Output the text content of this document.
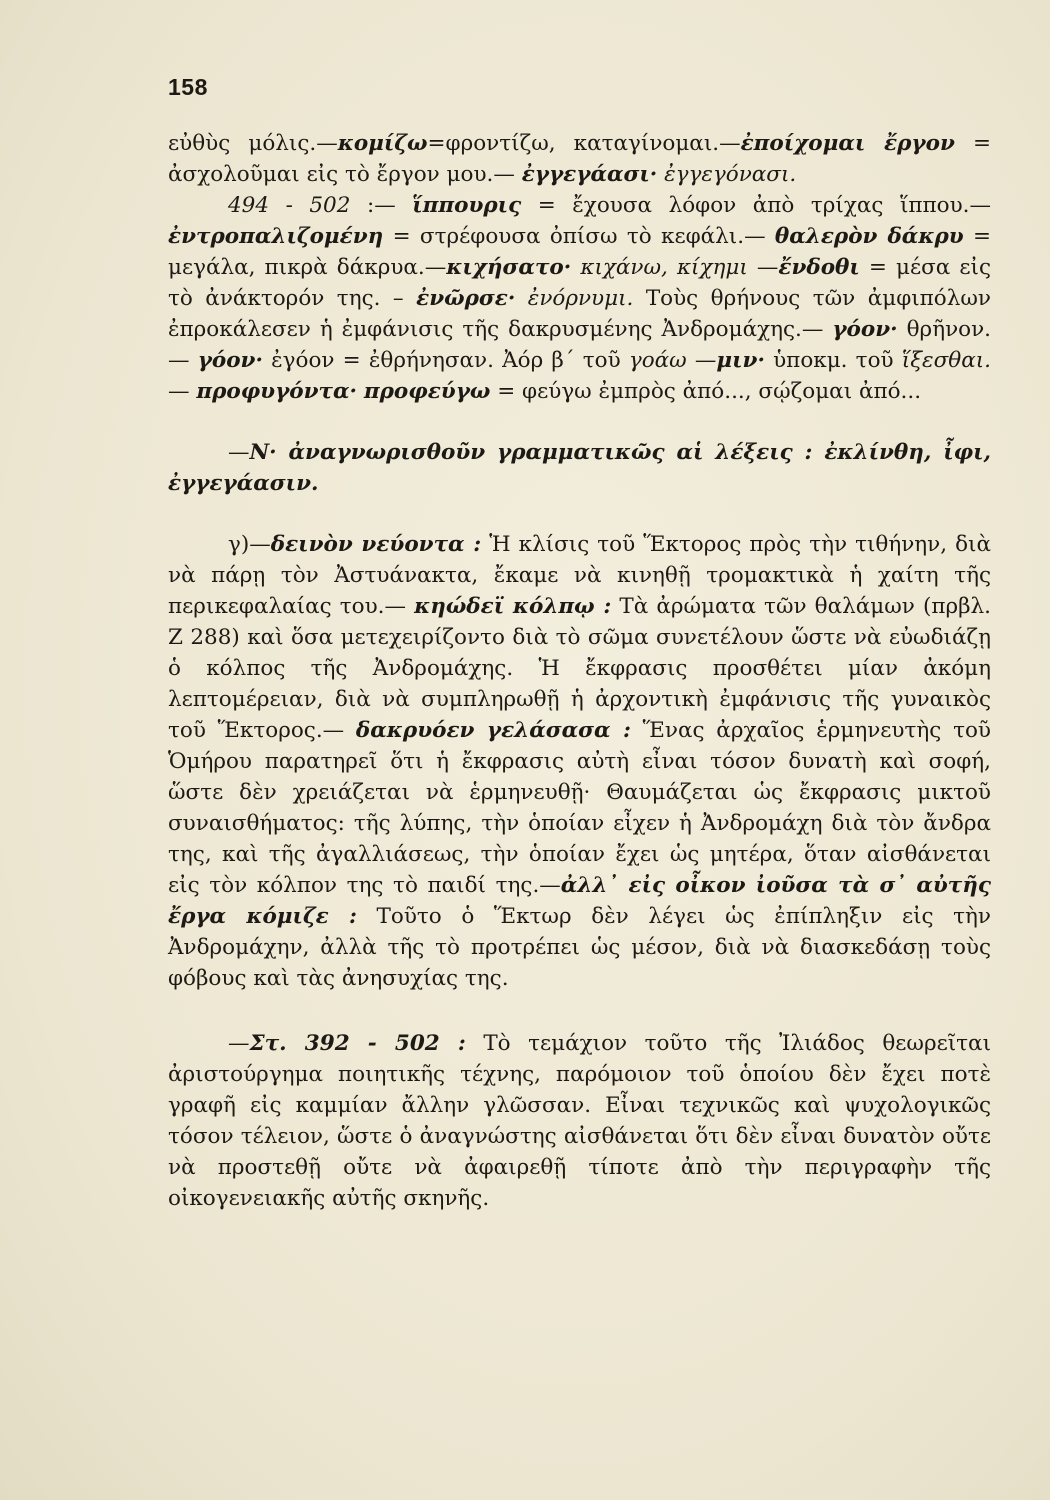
158

εὐθὺς μόλις.—κομίζω=φροντίζω, καταγίνομαι.—ἐποίχομαι ἔργον = ἀσχολοῦμαι εἰς τὸ ἔργον μου.— ἐγγεγάασι· ἐγγεγόνασι.

494 - 502 :— ἵππουρις = ἔχουσα λόφον ἀπὸ τρίχας ἵππου.— ἐντροπαλιζομένη = στρέφουσα ὀπίσω τὸ κεφάλι.— θαλερὸν δάκρυ = μεγάλα, πικρὰ δάκρυα.—κιχήσατο· κιχάνω, κίχημι —ἔνδοθι = μέσα εἰς τὸ ἀνάκτορόν της. – ἐνῶρσε· ἐνόρνυμι. Τοὺς θρήνους τῶν ἀμφιπόλων ἐπροκάλεσεν ἡ ἐμφάνισις τῆς δακρυσμένης Ἀνδρομάχης.— γόον· θρῆνον.— γόον· ἐγόον = ἐθρήνησαν. Ἀόρ β΄ τοῦ γοάω —μιν· ὑποκμ. τοῦ ἵξεσθαι.— προφυγόντα· προφεύγω = φεύγω ἐμπρὸς ἀπό..., σῴζομαι ἀπό...

—Ν· ἀναγνωρισθοῦν γραμματικῶς αἱ λέξεις : ἐκλίνθη, ἶφι, ἐγγεγάασιν.

γ)—δεινὸν νεύοντα : Ἡ κλίσις τοῦ Ἕκτορος πρὸς τὴν τιθήνην, διὰ νὰ πάρῃ τὸν Ἀστυάνακτα, ἔκαμε νὰ κινηθῇ τρομακτικὰ ἡ χαίτη τῆς περικεφαλαίας του.— κηώδεϊ κόλπῳ : Τὰ ἀρώματα τῶν θαλάμων (πρβλ. Ζ 288) καὶ ὅσα μετεχειρίζοντο διὰ τὸ σῶμα συνετέλουν ὥστε νὰ εὐωδιάζῃ ὁ κόλπος τῆς Ἀνδρομάχης. Ἡ ἔκφρασις προσθέτει μίαν ἀκόμη λεπτομέρειαν, διὰ νὰ συμπληρωθῇ ἡ ἀρχοντικὴ ἐμφάνισις τῆς γυναικὸς τοῦ Ἕκτορος.— δακρυόεν γελάσασα : Ἕνας ἀρχαῖος ἑρμηνευτὴς τοῦ Ὁμήρου παρατηρεῖ ὅτι ἡ ἔκφρασις αὐτὴ εἶναι τόσον δυνατὴ καὶ σοφή, ὥστε δὲν χρειάζεται νὰ ἑρμηνευθῇ· Θαυμάζεται ὡς ἔκφρασις μικτοῦ συναισθήματος: τῆς λύπης, τὴν ὁποίαν εἶχεν ἡ Ἀνδρομάχη διὰ τὸν ἄνδρα της, καὶ τῆς ἀγαλλιάσεως, τὴν ὁποίαν ἔχει ὡς μητέρα, ὅταν αἰσθάνεται εἰς τὸν κόλπον της τὸ παιδί της.—ἀλλ᾽ εἰς οἶκον ἰοῦσα τὰ σ᾽ αὐτῆς ἔργα κόμιζε : Τοῦτο ὁ Ἕκτωρ δὲν λέγει ὡς ἐπίπληξιν εἰς τὴν Ἀνδρομάχην, ἀλλὰ τῆς τὸ προτρέπει ὡς μέσον, διὰ νὰ διασκεδάσῃ τοὺς φόβους καὶ τὰς ἀνησυχίας της.

—Στ. 392 - 502 : Τὸ τεμάχιον τοῦτο τῆς Ἰλιάδος θεωρεῖται ἀριστούργημα ποιητικῆς τέχνης, παρόμοιον τοῦ ὁποίου δὲν ἔχει ποτὲ γραφῆ εἰς καμμίαν ἄλλην γλῶσσαν. Εἶναι τεχνικῶς καὶ ψυχολογικῶς τόσον τέλειον, ὥστε ὁ ἀναγνώστης αἰσθάνεται ὅτι δὲν εἶναι δυνατὸν οὔτε νὰ προστεθῇ οὔτε νὰ ἀφαιρεθῇ τίποτε ἀπὸ τὴν περιγραφὴν τῆς οἰκογενειακῆς αὐτῆς σκηνῆς.
